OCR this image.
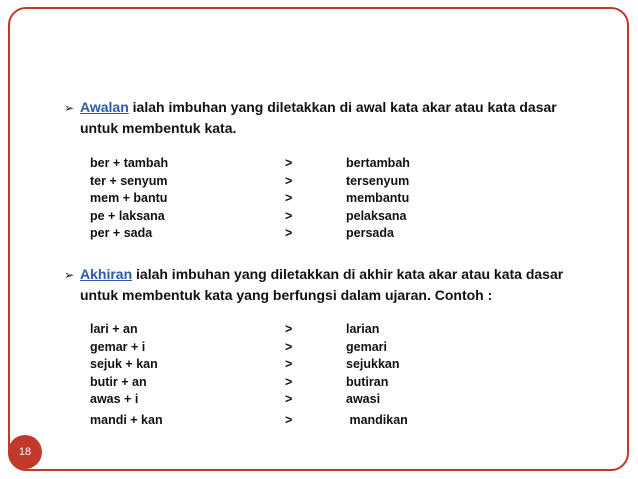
➢ Awalan ialah imbuhan yang diletakkan di awal kata akar atau kata dasar
untuk membentuk kata.
ber + tambah	>	bertambah
ter + senyum	>	tersenyum
mem + bantu	>	membantu
pe + laksana	>	pelaksana
per + sada	>	persada
➢ Akhiran ialah imbuhan yang diletakkan di akhir kata akar atau kata dasar
untuk membentuk kata yang berfungsi dalam ujaran. Contoh :
lari + an	>	larian
gemar + i	>	gemari
sejuk + kan	>	sejukkan
butir + an	>	butiran
awas + i	>	awasi
mandi + kan	>	mandikan
18
